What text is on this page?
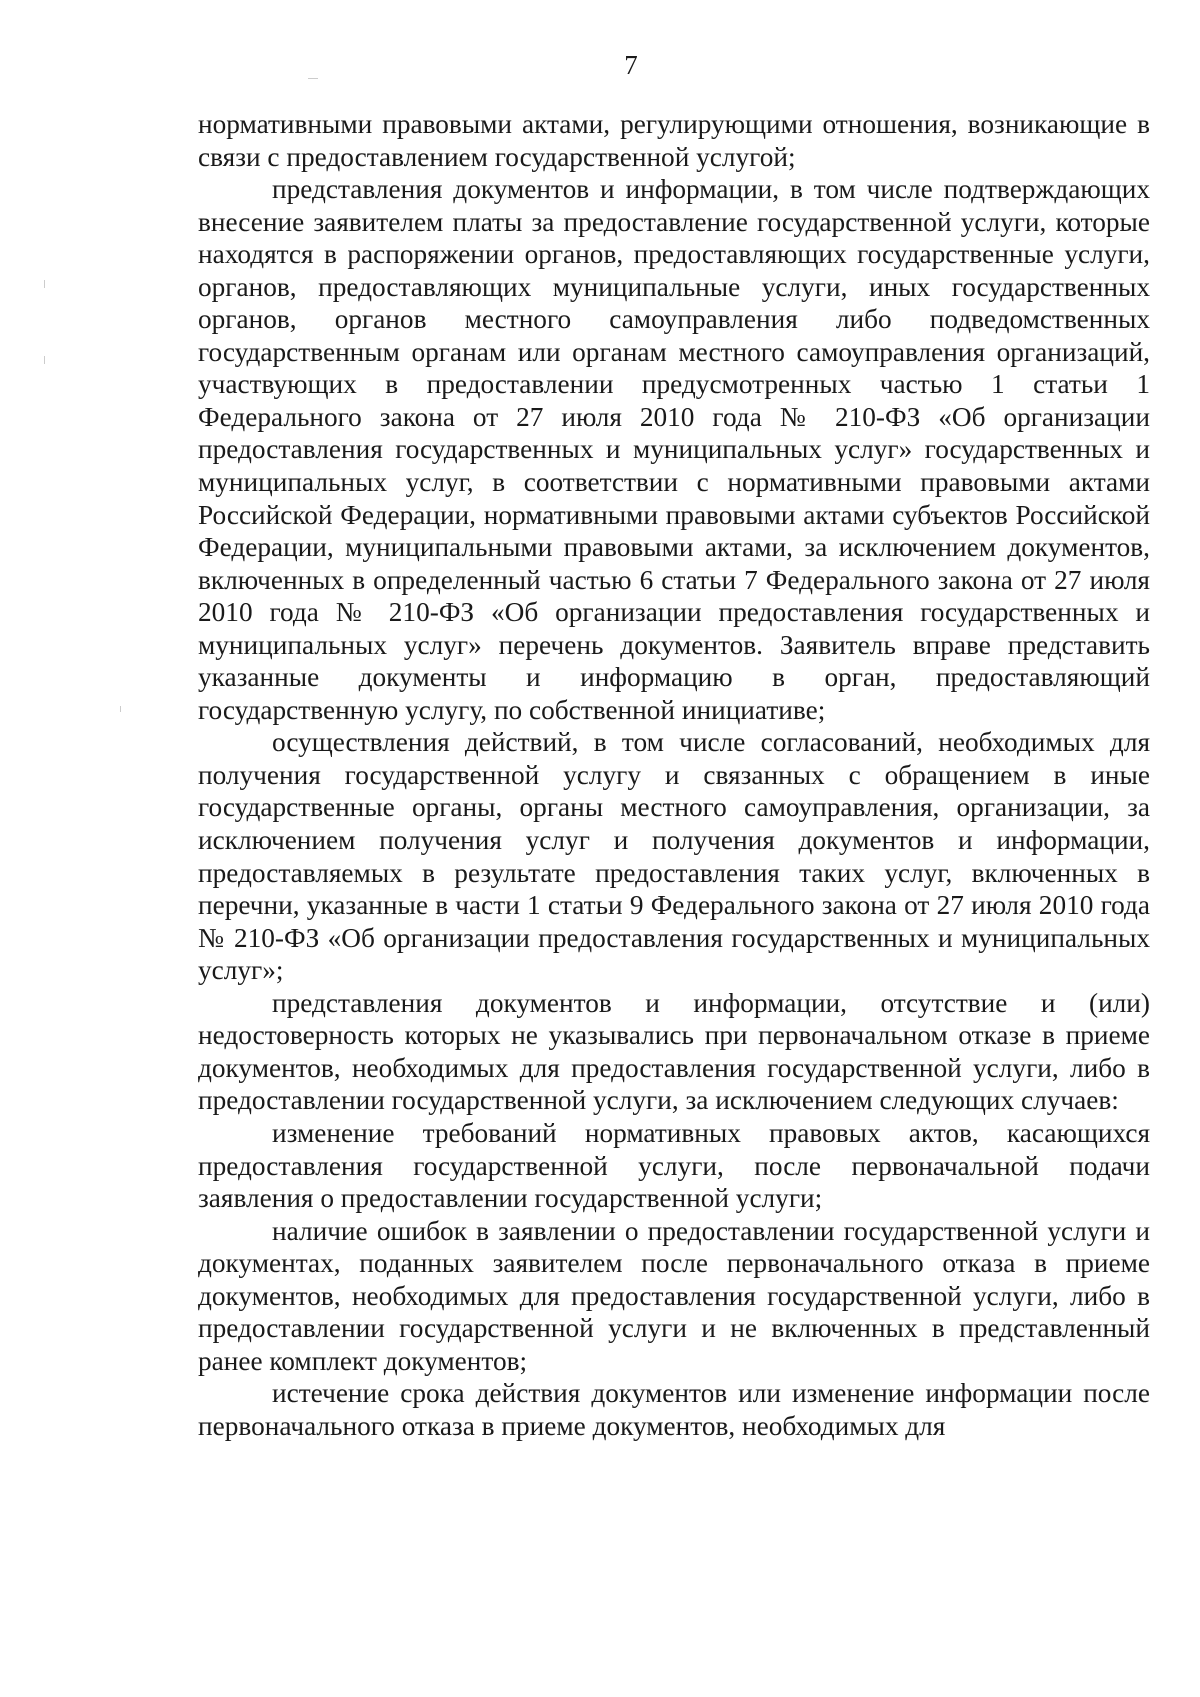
7

нормативными правовыми актами, регулирующими отношения, возникающие в связи с предоставлением государственной услугой;

представления документов и информации, в том числе подтверждающих внесение заявителем платы за предоставление государственной услуги, которые находятся в распоряжении органов, предоставляющих государственные услуги, органов, предоставляющих муниципальные услуги, иных государственных органов, органов местного самоуправления либо подведомственных государственным органам или органам местного самоуправления организаций, участвующих в предоставлении предусмотренных частью 1 статьи 1 Федерального закона от 27 июля 2010 года № 210-ФЗ «Об организации предоставления государственных и муниципальных услуг» государственных и муниципальных услуг, в соответствии с нормативными правовыми актами Российской Федерации, нормативными правовыми актами субъектов Российской Федерации, муниципальными правовыми актами, за исключением документов, включенных в определенный частью 6 статьи 7 Федерального закона от 27 июля 2010 года № 210-ФЗ «Об организации предоставления государственных и муниципальных услуг» перечень документов. Заявитель вправе представить указанные документы и информацию в орган, предоставляющий государственную услугу, по собственной инициативе;

осуществления действий, в том числе согласований, необходимых для получения государственной услугу и связанных с обращением в иные государственные органы, органы местного самоуправления, организации, за исключением получения услуг и получения документов и информации, предоставляемых в результате предоставления таких услуг, включенных в перечни, указанные в части 1 статьи 9 Федерального закона от 27 июля 2010 года № 210-ФЗ «Об организации предоставления государственных и муниципальных услуг»;

представления документов и информации, отсутствие и (или) недостоверность которых не указывались при первоначальном отказе в приеме документов, необходимых для предоставления государственной услуги, либо в предоставлении государственной услуги, за исключением следующих случаев:

изменение требований нормативных правовых актов, касающихся предоставления государственной услуги, после первоначальной подачи заявления о предоставлении государственной услуги;

наличие ошибок в заявлении о предоставлении государственной услуги и документах, поданных заявителем после первоначального отказа в приеме документов, необходимых для предоставления государственной услуги, либо в предоставлении государственной услуги и не включенных в представленный ранее комплект документов;

истечение срока действия документов или изменение информации после первоначального отказа в приеме документов, необходимых для
